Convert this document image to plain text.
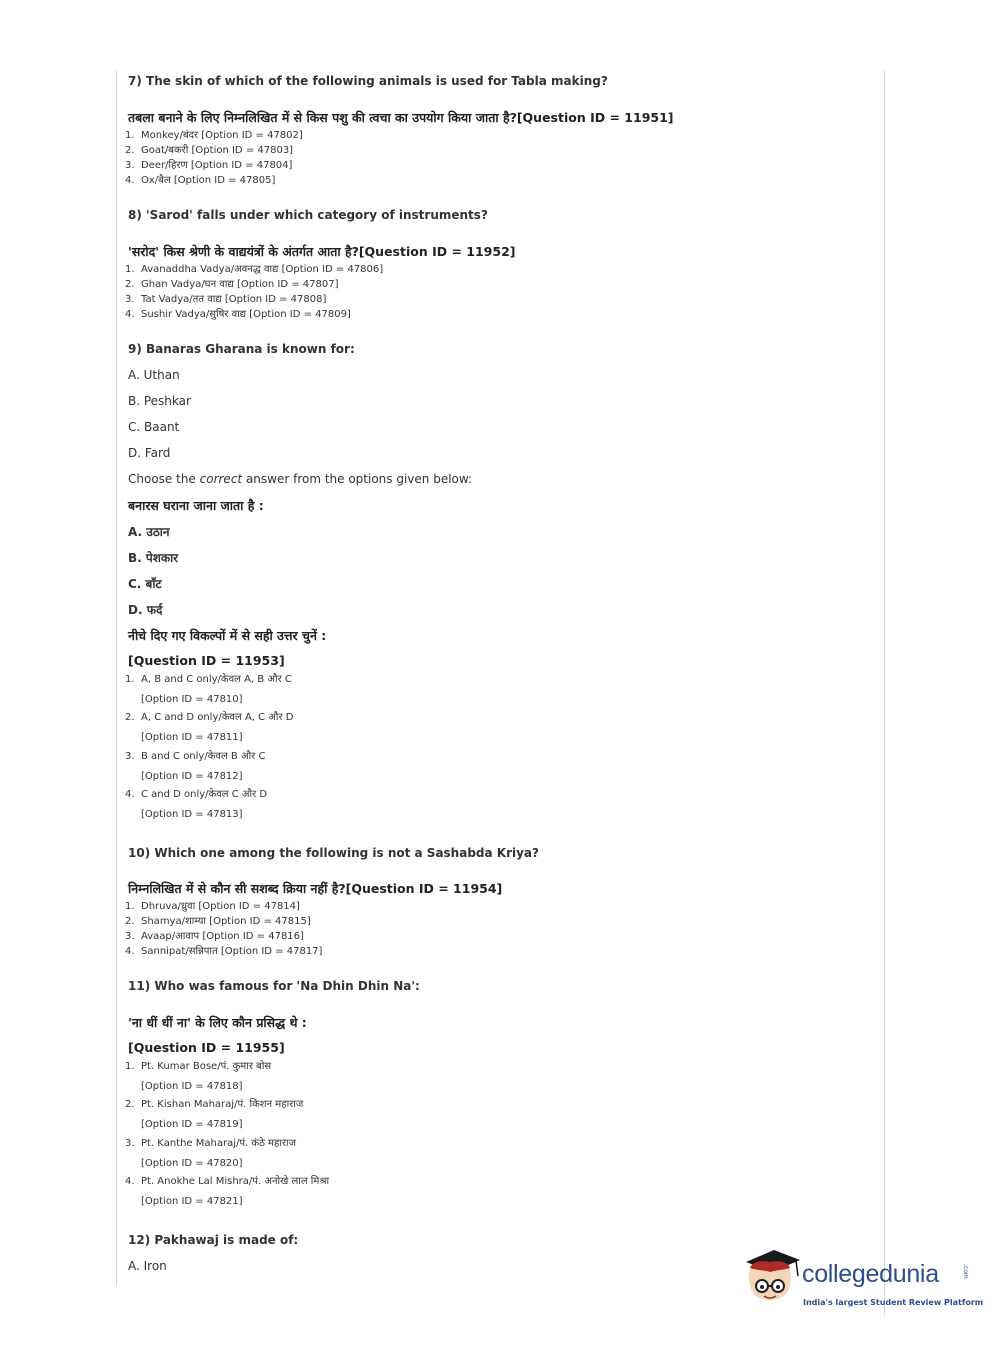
7) The skin of which of the following animals is used for Tabla making?
तबला बनाने के लिए निम्नलिखित में से किस पशु की त्वचा का उपयोग किया जाता है?[Question ID = 11951]
1. Monkey/बंदर [Option ID = 47802]
2. Goat/बकरी [Option ID = 47803]
3. Deer/हिरण [Option ID = 47804]
4. Ox/बैल [Option ID = 47805]
8) 'Sarod' falls under which category of instruments?
'सरोद' किस श्रेणी के वाद्ययंत्रों के अंतर्गत आता है?[Question ID = 11952]
1. Avanaddha Vadya/अवनद्ध वाद्य [Option ID = 47806]
2. Ghan Vadya/घन वाद्य [Option ID = 47807]
3. Tat Vadya/तत वाद्य [Option ID = 47808]
4. Sushir Vadya/सुषिर वाद्य [Option ID = 47809]
9) Banaras Gharana is known for:
A. Uthan
B. Peshkar
C. Baant
D. Fard
Choose the correct answer from the options given below:
बनारस घराना जाना जाता है :
A. उठान
B. पेशकार
C. बाँट
D. फर्द
नीचे दिए गए विकल्पों में से सही उत्तर चुनें :
[Question ID = 11953]
1. A, B and C only/केवल A, B और C
[Option ID = 47810]
2. A, C and D only/केवल A, C और D
[Option ID = 47811]
3. B and C only/केवल B और C
[Option ID = 47812]
4. C and D only/केवल C और D
[Option ID = 47813]
10) Which one among the following is not a Sashabda Kriya?
निम्नलिखित में से कौन सी सशब्द क्रिया नहीं है?[Question ID = 11954]
1. Dhruva/ध्रुवा [Option ID = 47814]
2. Shamya/शाम्या [Option ID = 47815]
3. Avaap/आवाप [Option ID = 47816]
4. Sannipat/सन्निपात [Option ID = 47817]
11) Who was famous for 'Na Dhin Dhin Na':
'ना धीं धीं ना' के लिए कौन प्रसिद्ध थे :
[Question ID = 11955]
1. Pt. Kumar Bose/पं. कुमार बोस
[Option ID = 47818]
2. Pt. Kishan Maharaj/पं. किशन महाराज
[Option ID = 47819]
3. Pt. Kanthe Maharaj/पं. कंठे महाराज
[Option ID = 47820]
4. Pt. Anokhe Lal Mishra/पं. अनोखे लाल मिश्रा
[Option ID = 47821]
12) Pakhawaj is made of:
A. Iron	collegedunia	.com
India's largest Student Review Platform
